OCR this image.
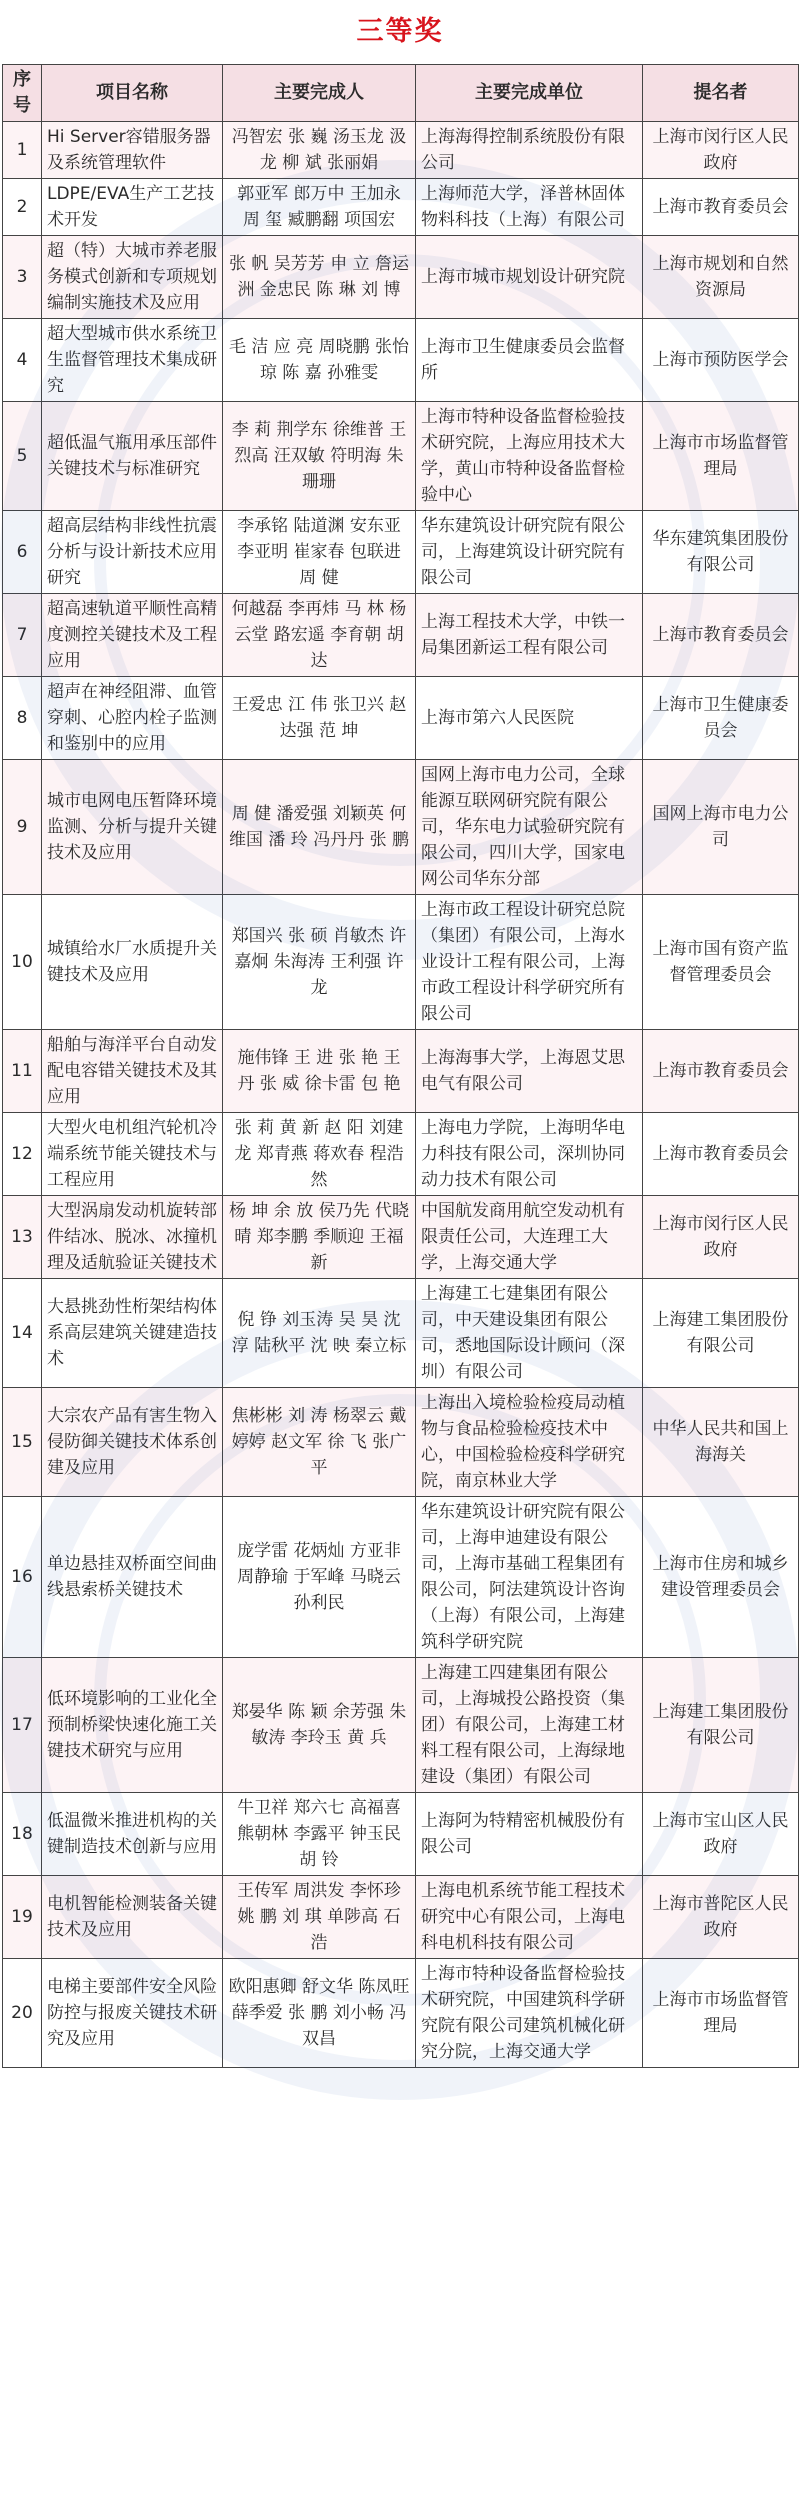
三等奖
序号	项目名称	主要完成人	主要完成单位	提名者
1	Hi Server容错服务器及系统管理软件	冯智宏 张 巍 汤玉龙 汲 龙 柳 斌 张丽娟	上海海得控制系统股份有限公司	上海市闵行区人民政府
2	LDPE/EVA生产工艺技术开发	郭亚军 郎万中 王加永 周 玺 臧鹏翻 项国宏	上海师范大学，泽普林固体物料科技（上海）有限公司	上海市教育委员会
3	超（特）大城市养老服务模式创新和专项规划编制实施技术及应用	张 帆 吴芳芳 申 立 詹运洲 金忠民 陈 琳 刘 博	上海市城市规划设计研究院	上海市规划和自然资源局
4	超大型城市供水系统卫生监督管理技术集成研究	毛 洁 应 亮 周晓鹏 张怡琼 陈 嘉 孙雅雯	上海市卫生健康委员会监督所	上海市预防医学会
5	超低温气瓶用承压部件关键技术与标准研究	李 莉 荆学东 徐维普 王烈高 汪双敏 符明海 朱珊珊	上海市特种设备监督检验技术研究院，上海应用技术大学，黄山市特种设备监督检验中心	上海市市场监督管理局
6	超高层结构非线性抗震分析与设计新技术应用研究	李承铭 陆道渊 安东亚 李亚明 崔家春 包联进 周 健	华东建筑设计研究院有限公司，上海建筑设计研究院有限公司	华东建筑集团股份有限公司
7	超高速轨道平顺性高精度测控关键技术及工程应用	何越磊 李再炜 马 林 杨云堂 路宏遥 李育朝 胡 达	上海工程技术大学，中铁一局集团新运工程有限公司	上海市教育委员会
8	超声在神经阻滞、血管穿刺、心腔内栓子监测和鉴别中的应用	王爱忠 江 伟 张卫兴 赵达强 范 坤	上海市第六人民医院	上海市卫生健康委员会
9	城市电网电压暂降环境监测、分析与提升关键技术及应用	周 健 潘爱强 刘颖英 何维国 潘 玲 冯丹丹 张 鹏	国网上海市电力公司，全球能源互联网研究院有限公司，华东电力试验研究院有限公司，四川大学，国家电网公司华东分部	国网上海市电力公司
10	城镇给水厂水质提升关键技术及应用	郑国兴 张 硕 肖敏杰 许嘉炯 朱海涛 王利强 许 龙	上海市政工程设计研究总院（集团）有限公司，上海水业设计工程有限公司，上海市政工程设计科学研究所有限公司	上海市国有资产监督管理委员会
11	船舶与海洋平台自动发配电容错关键技术及其应用	施伟锋 王 进 张 艳 王 丹 张 威 徐卡雷 包 艳	上海海事大学，上海恩艾思电气有限公司	上海市教育委员会
12	大型火电机组汽轮机冷端系统节能关键技术与工程应用	张 莉 黄 新 赵 阳 刘建龙 郑青燕 蒋欢春 程浩然	上海电力学院，上海明华电力科技有限公司，深圳协同动力技术有限公司	上海市教育委员会
13	大型涡扇发动机旋转部件结冰、脱冰、冰撞机理及适航验证关键技术	杨 坤 余 放 侯乃先 代晓晴 郑李鹏 季顺迎 王福新	中国航发商用航空发动机有限责任公司，大连理工大学，上海交通大学	上海市闵行区人民政府
14	大悬挑劲性桁架结构体系高层建筑关键建造技术	倪 铮 刘玉涛 吴 昊 沈 淳 陆秋平 沈 映 秦立标	上海建工七建集团有限公司，中天建设集团有限公司，悉地国际设计顾问（深圳）有限公司	上海建工集团股份有限公司
15	大宗农产品有害生物入侵防御关键技术体系创建及应用	焦彬彬 刘 涛 杨翠云 戴婷婷 赵文军 徐 飞 张广平	上海出入境检验检疫局动植物与食品检验检疫技术中心，中国检验检疫科学研究院，南京林业大学	中华人民共和国上海海关
16	单边悬挂双桥面空间曲线悬索桥关键技术	庞学雷 花炳灿 方亚非 周静瑜 于军峰 马晓云 孙利民	华东建筑设计研究院有限公司，上海申迪建设有限公司，上海市基础工程集团有限公司，阿法建筑设计咨询（上海）有限公司，上海建筑科学研究院	上海市住房和城乡建设管理委员会
17	低环境影响的工业化全预制桥梁快速化施工关键技术研究与应用	郑晏华 陈 颖 余芳强 朱敏涛 李玲玉 黄 兵	上海建工四建集团有限公司，上海城投公路投资（集团）有限公司，上海建工材料工程有限公司，上海绿地建设（集团）有限公司	上海建工集团股份有限公司
18	低温微米推进机构的关键制造技术创新与应用	牛卫祥 郑六七 高福喜 熊朝林 李露平 钟玉民 胡 铃	上海阿为特精密机械股份有限公司	上海市宝山区人民政府
19	电机智能检测装备关键技术及应用	王传军 周洪发 李怀珍 姚 鹏 刘 琪 单陟高 石 浩	上海电机系统节能工程技术研究中心有限公司，上海电科电机科技有限公司	上海市普陀区人民政府
20	电梯主要部件安全风险防控与报废关键技术研究及应用	欧阳惠卿 舒文华 陈凤旺 薛季爱 张 鹏 刘小畅 冯双昌	上海市特种设备监督检验技术研究院，中国建筑科学研究院有限公司建筑机械化研究分院，上海交通大学	上海市市场监督管理局
